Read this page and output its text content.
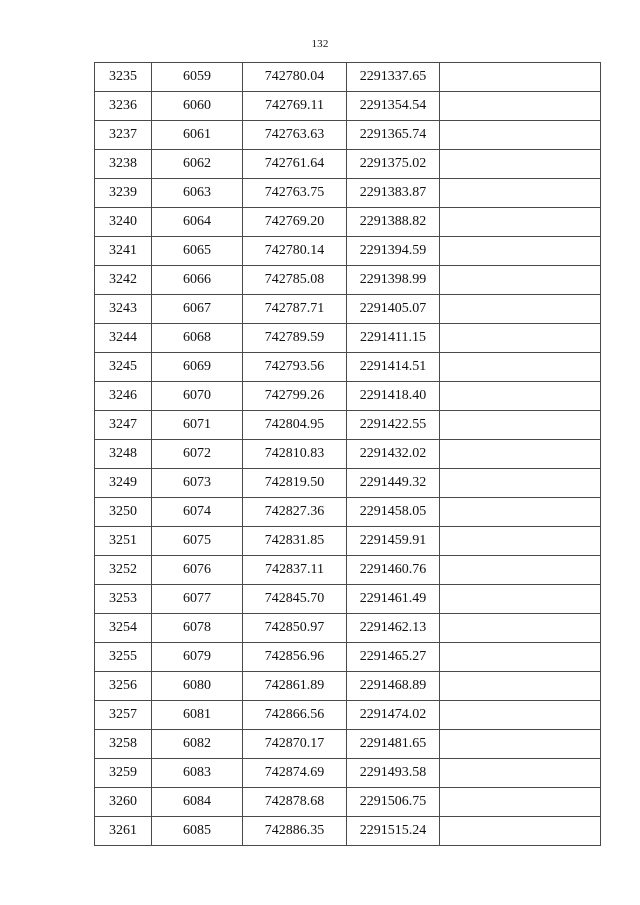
132
3235	6059	742780.04	2291337.65	
3236	6060	742769.11	2291354.54	
3237	6061	742763.63	2291365.74	
3238	6062	742761.64	2291375.02	
3239	6063	742763.75	2291383.87	
3240	6064	742769.20	2291388.82	
3241	6065	742780.14	2291394.59	
3242	6066	742785.08	2291398.99	
3243	6067	742787.71	2291405.07	
3244	6068	742789.59	2291411.15	
3245	6069	742793.56	2291414.51	
3246	6070	742799.26	2291418.40	
3247	6071	742804.95	2291422.55	
3248	6072	742810.83	2291432.02	
3249	6073	742819.50	2291449.32	
3250	6074	742827.36	2291458.05	
3251	6075	742831.85	2291459.91	
3252	6076	742837.11	2291460.76	
3253	6077	742845.70	2291461.49	
3254	6078	742850.97	2291462.13	
3255	6079	742856.96	2291465.27	
3256	6080	742861.89	2291468.89	
3257	6081	742866.56	2291474.02	
3258	6082	742870.17	2291481.65	
3259	6083	742874.69	2291493.58	
3260	6084	742878.68	2291506.75	
3261	6085	742886.35	2291515.24	
